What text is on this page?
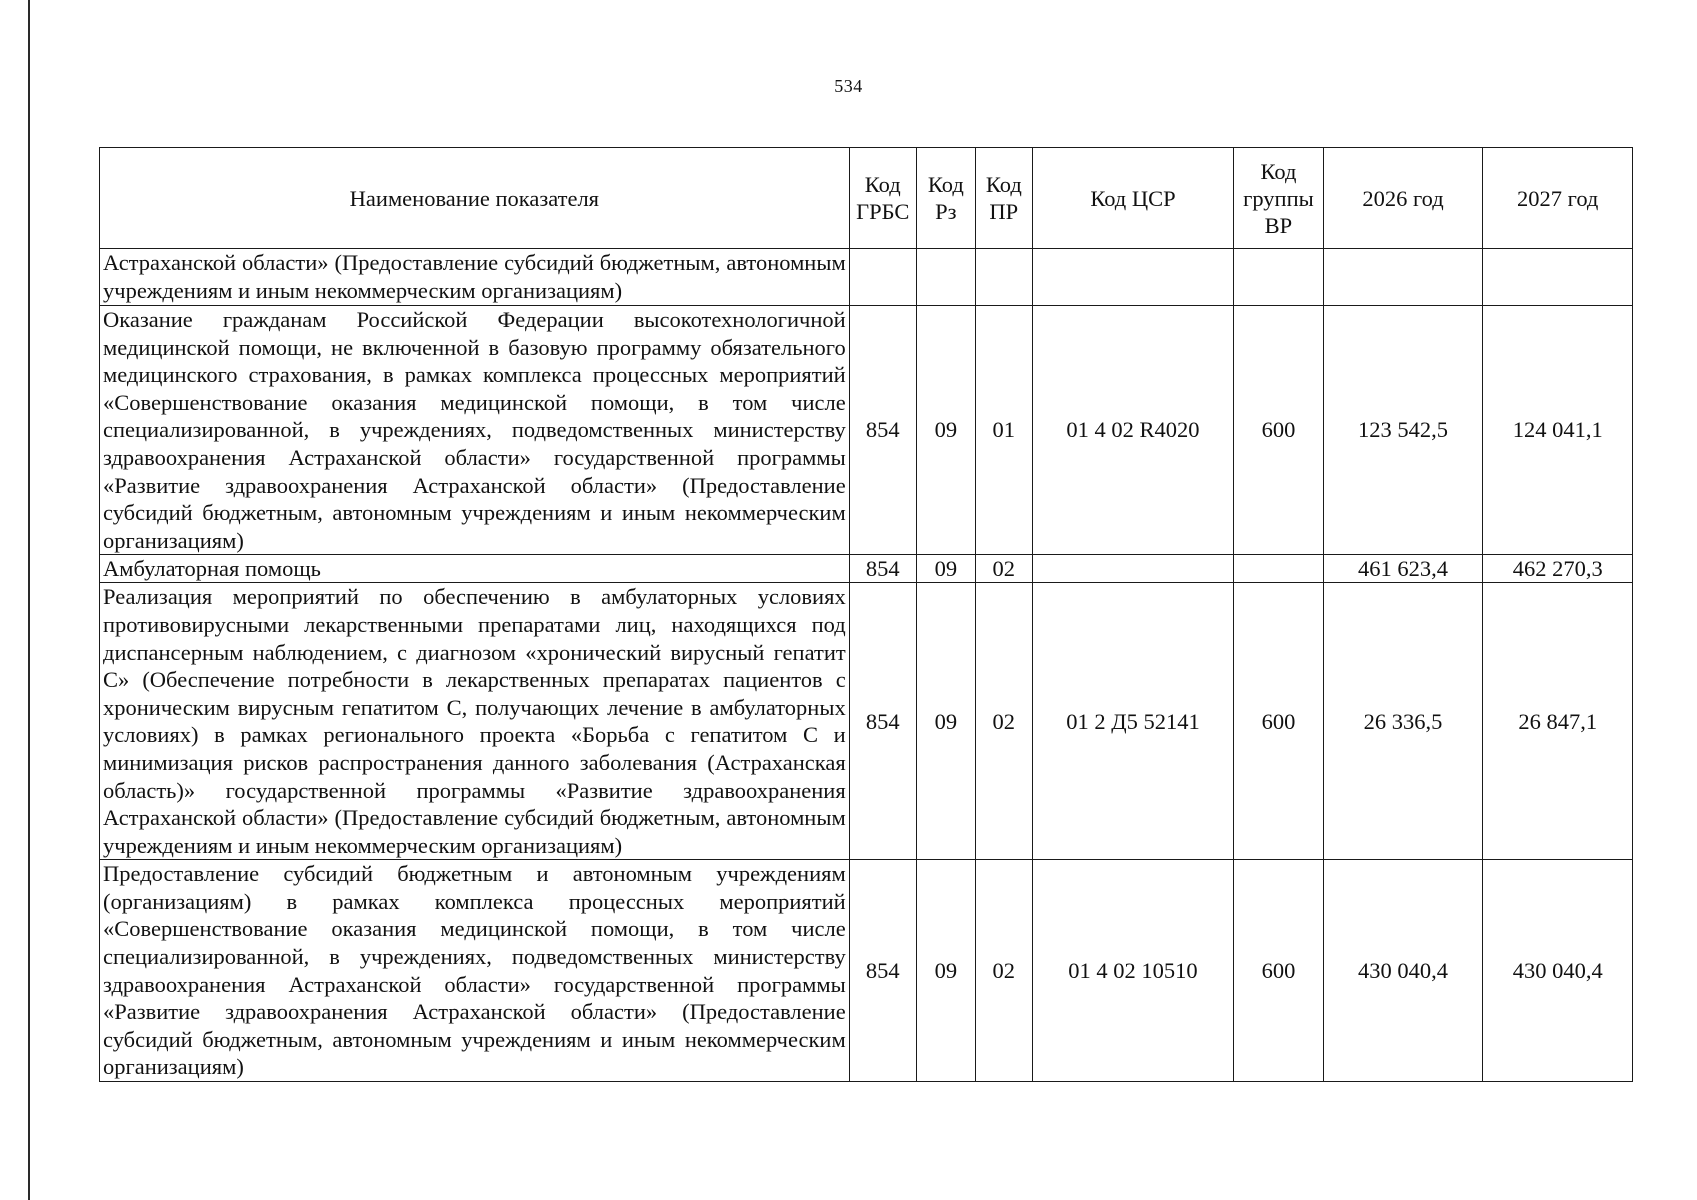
534
Наименование показателя	Код ГРБС	Код Рз	Код ПР	Код ЦСР	Код группы ВР	2026 год	2027 год
Астраханской области» (Предоставление субсидий бюджетным, автономным учреждениям и иным некоммерческим организациям)							
Оказание гражданам Российской Федерации высокотехнологичной медицинской помощи, не включенной в базовую программу обязательного медицинского страхования, в рамках комплекса процессных мероприятий «Совершенствование оказания медицинской помощи, в том числе специализированной, в учреждениях, подведомственных министерству здравоохранения Астраханской области» государственной программы «Развитие здравоохранения Астраханской области» (Предоставление субсидий бюджетным, автономным учреждениям и иным некоммерческим организациям)	854	09	01	01 4 02 R4020	600	123 542,5	124 041,1
Амбулаторная помощь	854	09	02			461 623,4	462 270,3
Реализация мероприятий по обеспечению в амбулаторных условиях противовирусными лекарственными препаратами лиц, находящихся под диспансерным наблюдением, с диагнозом «хронический вирусный гепатит С» (Обеспечение потребности в лекарственных препаратах пациентов с хроническим вирусным гепатитом С, получающих лечение в амбулаторных условиях) в рамках регионального проекта «Борьба с гепатитом С и минимизация рисков распространения данного заболевания (Астраханская область)» государственной программы «Развитие здравоохранения Астраханской области» (Предоставление субсидий бюджетным, автономным учреждениям и иным некоммерческим организациям)	854	09	02	01 2 Д5 52141	600	26 336,5	26 847,1
Предоставление субсидий бюджетным и автономным учреждениям (организациям) в рамках комплекса процессных мероприятий «Совершенствование оказания медицинской помощи, в том числе специализированной, в учреждениях, подведомственных министерству здравоохранения Астраханской области» государственной программы «Развитие здравоохранения Астраханской области» (Предоставление субсидий бюджетным, автономным учреждениям и иным некоммерческим организациям)	854	09	02	01 4 02 10510	600	430 040,4	430 040,4
